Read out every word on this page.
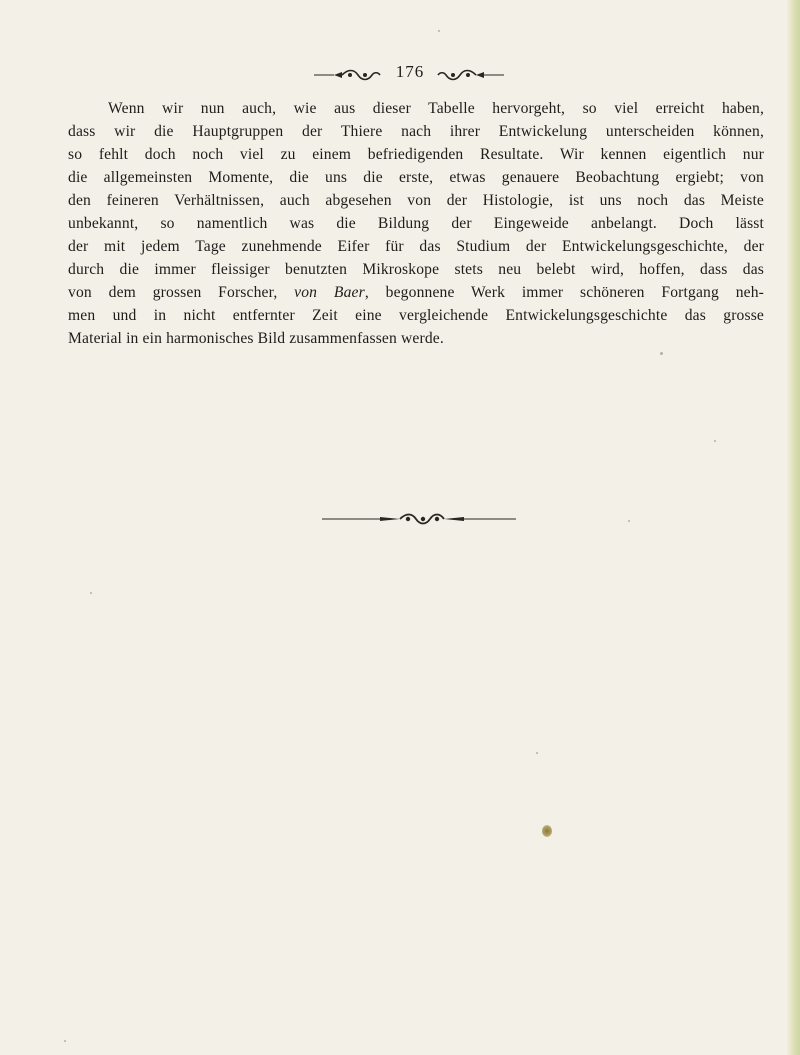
176
Wenn wir nun auch, wie aus dieser Tabelle hervorgeht, so viel erreicht haben,
dass wir die Hauptgruppen der Thiere nach ihrer Entwickelung unterscheiden können,
so fehlt doch noch viel zu einem befriedigenden Resultate. Wir kennen eigentlich nur
die allgemeinsten Momente, die uns die erste, etwas genauere Beobachtung ergiebt; von
den feineren Verhältnissen, auch abgesehen von der Histologie, ist uns noch das Meiste
unbekannt, so namentlich was die Bildung der Eingeweide anbelangt. Doch lässt
der mit jedem Tage zunehmende Eifer für das Studium der Entwickelungsgeschichte, der
durch die immer fleissiger benutzten Mikroskope stets neu belebt wird, hoffen, dass das
von dem grossen Forscher, von Baer, begonnene Werk immer schöneren Fortgang neh-
men und in nicht entfernter Zeit eine vergleichende Entwickelungsgeschichte das grosse
Material in ein harmonisches Bild zusammenfassen werde.
